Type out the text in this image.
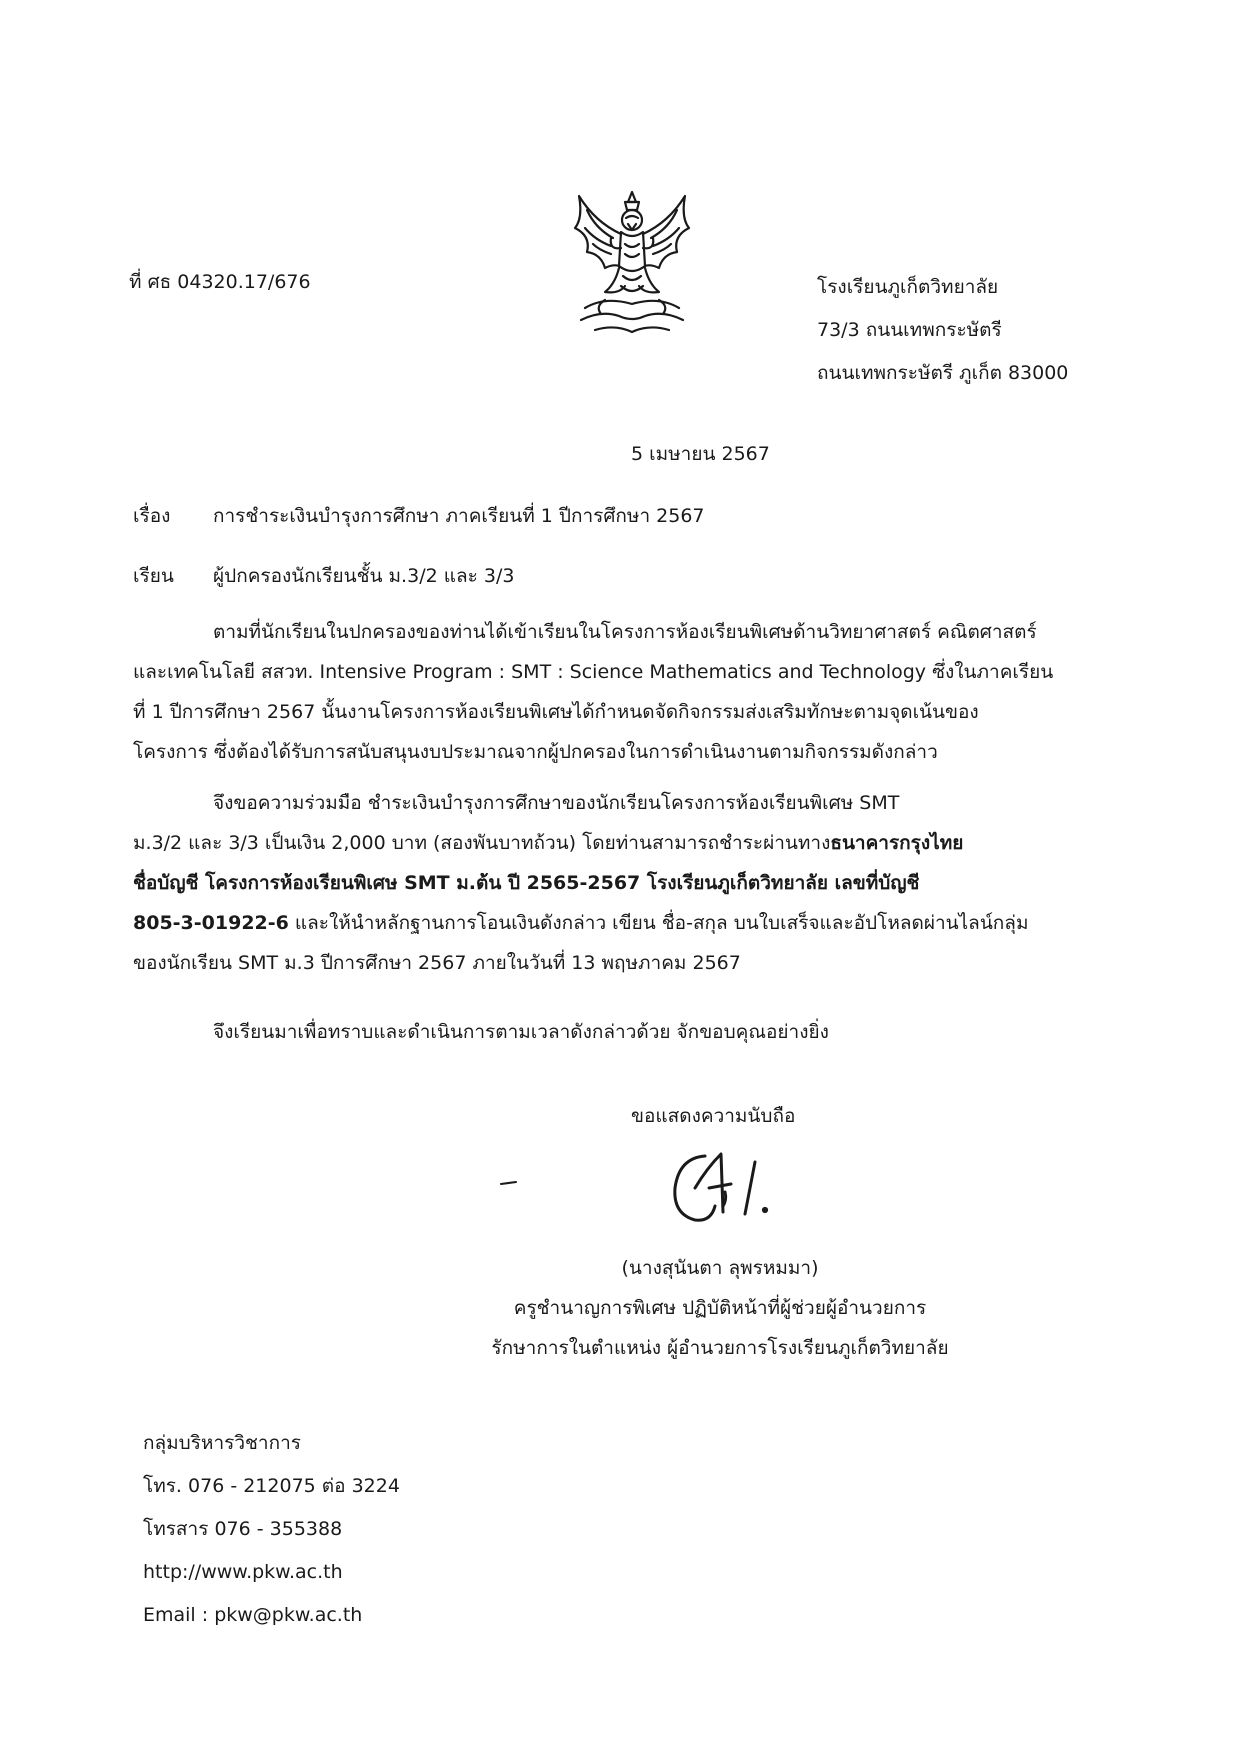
ที่ ศธ 04320.17/676	โรงเรียนภูเก็ตวิทยาลัย
73/3 ถนนเทพกระษัตรี
ถนนเทพกระษัตรี ภูเก็ต 83000
5 เมษายน 2567
เรื่อง การชำระเงินบำรุงการศึกษา ภาคเรียนที่ 1 ปีการศึกษา 2567
เรียน ผู้ปกครองนักเรียนชั้น ม.3/2 และ 3/3
ตามที่นักเรียนในปกครองของท่านได้เข้าเรียนในโครงการห้องเรียนพิเศษด้านวิทยาศาสตร์ คณิตศาสตร์
และเทคโนโลยี สสวท. Intensive Program : SMT : Science Mathematics and Technology ซึ่งในภาคเรียน
ที่ 1 ปีการศึกษา 2567 นั้นงานโครงการห้องเรียนพิเศษได้กำหนดจัดกิจกรรมส่งเสริมทักษะตามจุดเน้นของ
โครงการ ซึ่งต้องได้รับการสนับสนุนงบประมาณจากผู้ปกครองในการดำเนินงานตามกิจกรรมดังกล่าว
จึงขอความร่วมมือ ชำระเงินบำรุงการศึกษาของนักเรียนโครงการห้องเรียนพิเศษ SMT
ม.3/2 และ 3/3 เป็นเงิน 2,000 บาท (สองพันบาทถ้วน) โดยท่านสามารถชำระผ่านทางธนาคารกรุงไทย
ชื่อบัญชี โครงการห้องเรียนพิเศษ SMT ม.ต้น ปี 2565-2567 โรงเรียนภูเก็ตวิทยาลัย เลขที่บัญชี
805-3-01922-6 และให้นำหลักฐานการโอนเงินดังกล่าว เขียน ชื่อ-สกุล บนใบเสร็จและอัปโหลดผ่านไลน์กลุ่ม
ของนักเรียน SMT ม.3 ปีการศึกษา 2567 ภายในวันที่ 13 พฤษภาคม 2567
จึงเรียนมาเพื่อทราบและดำเนินการตามเวลาดังกล่าวด้วย จักขอบคุณอย่างยิ่ง
ขอแสดงความนับถือ
(นางสุนันตา ลุพรหมมา)
ครูชำนาญการพิเศษ ปฏิบัติหน้าที่ผู้ช่วยผู้อำนวยการ
รักษาการในตำแหน่ง ผู้อำนวยการโรงเรียนภูเก็ตวิทยาลัย
กลุ่มบริหารวิชาการ
โทร. 076 - 212075 ต่อ 3224
โทรสาร 076 - 355388
http://www.pkw.ac.th
Email : pkw@pkw.ac.th
